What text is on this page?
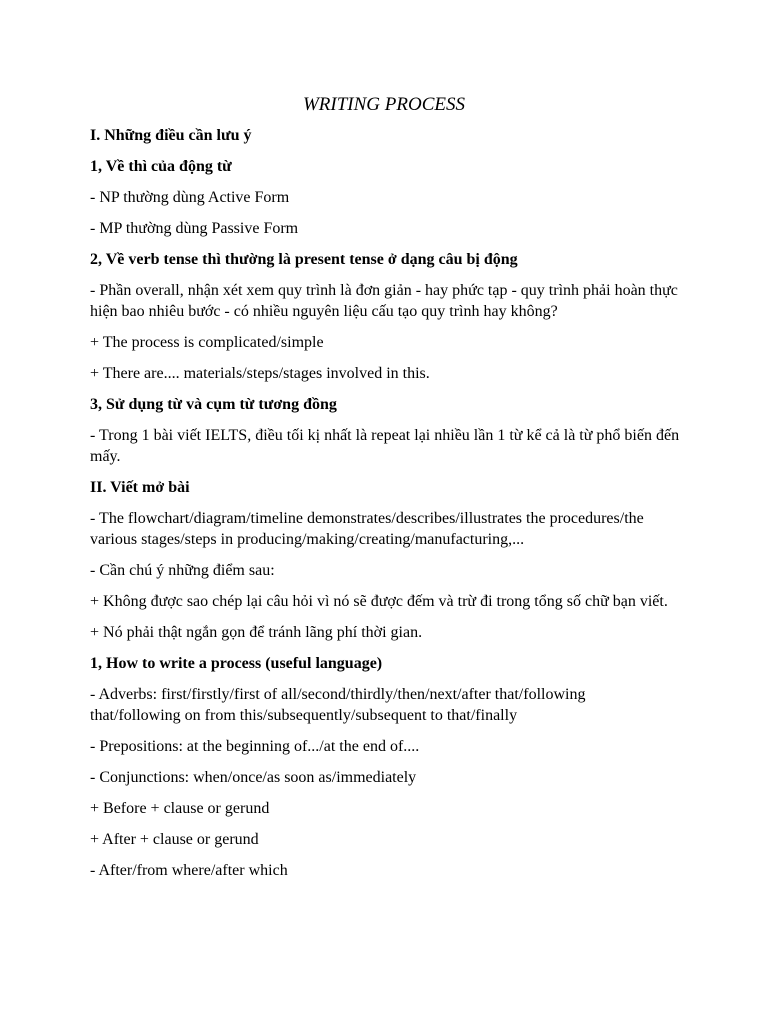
WRITING PROCESS
I. Những điều cần lưu ý
1, Về thì của động từ
- NP thường dùng Active Form
- MP thường dùng Passive Form
2, Về verb tense thì thường là present tense ở dạng câu bị động
- Phần overall, nhận xét xem quy trình là đơn giản - hay phức tạp - quy trình phải hoàn thực hiện bao nhiêu bước - có nhiều nguyên liệu cấu tạo quy trình hay không?
+ The process is complicated/simple
+ There are.... materials/steps/stages involved in this.
3, Sử dụng từ và cụm từ tương đồng
- Trong 1 bài viết IELTS, điều tối kị nhất là repeat lại nhiều lần 1 từ kể cả là từ phổ biến đến mấy.
II. Viết mở bài
- The flowchart/diagram/timeline demonstrates/describes/illustrates the procedures/the various stages/steps in producing/making/creating/manufacturing,...
- Cần chú ý những điểm sau:
+ Không được sao chép lại câu hỏi vì nó sẽ được đếm và trừ đi trong tổng số chữ bạn viết.
+ Nó phải thật ngắn gọn để tránh lãng phí thời gian.
1, How to write a process (useful language)
- Adverbs: first/firstly/first of all/second/thirdly/then/next/after that/following that/following on from this/subsequently/subsequent to that/finally
- Prepositions: at the beginning of.../at the end of....
- Conjunctions: when/once/as soon as/immediately
+ Before + clause or gerund
+ After + clause or gerund
- After/from where/after which
